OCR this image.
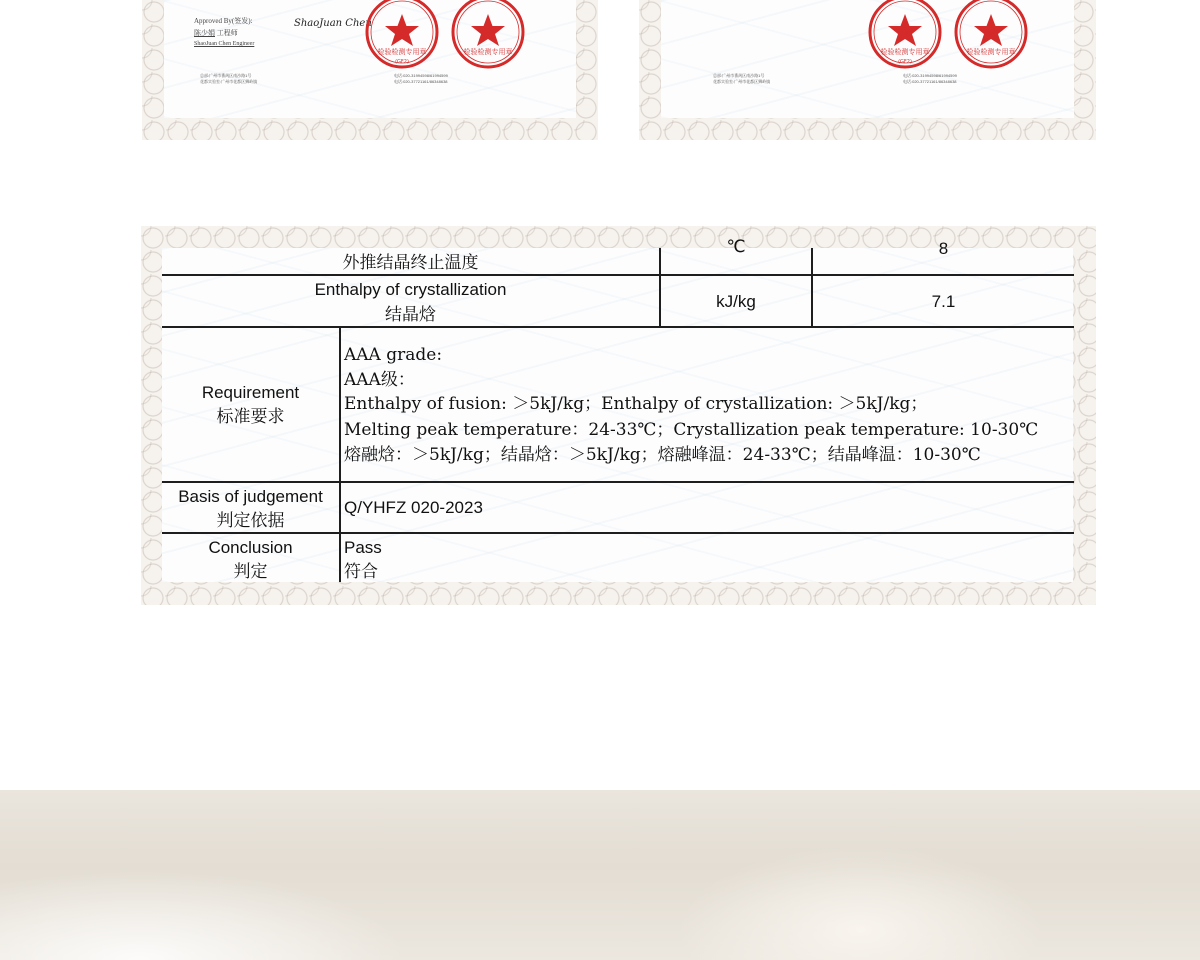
Approved By(签发):
陈少娟 工程师
ShaoJuan Chen Engineer
ShaoJuan Chen
检验检测专用章
(GF2)
检验检测专用章
总部:广州市番禺区南沙路1号
花都实验室:广州市花都区狮岭镇
电话:020-31994598/61994599
电话:020-37721161/86348638
检验检测专用章
(GF2)
检验检测专用章
总部:广州市番禺区南沙路1号
花都实验室:广州市花都区狮岭镇
电话:020-31994598/61994599
电话:020-37721161/86348638
外推结晶终止温度
℃	8
Enthalpy of crystallization
结晶焓
kJ/kg	7.1
Requirement
标准要求
AAA grade:
AAA级：
Enthalpy of fusion: ＞5kJ/kg；Enthalpy of crystallization: ＞5kJ/kg；
Melting peak temperature：24-33℃；Crystallization peak temperature: 10-30℃
熔融焓：＞5kJ/kg；结晶焓：＞5kJ/kg；熔融峰温：24-33℃；结晶峰温：10-30℃
Basis of judgement
判定依据
Q/YHFZ 020-2023
Conclusion
判定
Pass
符合
